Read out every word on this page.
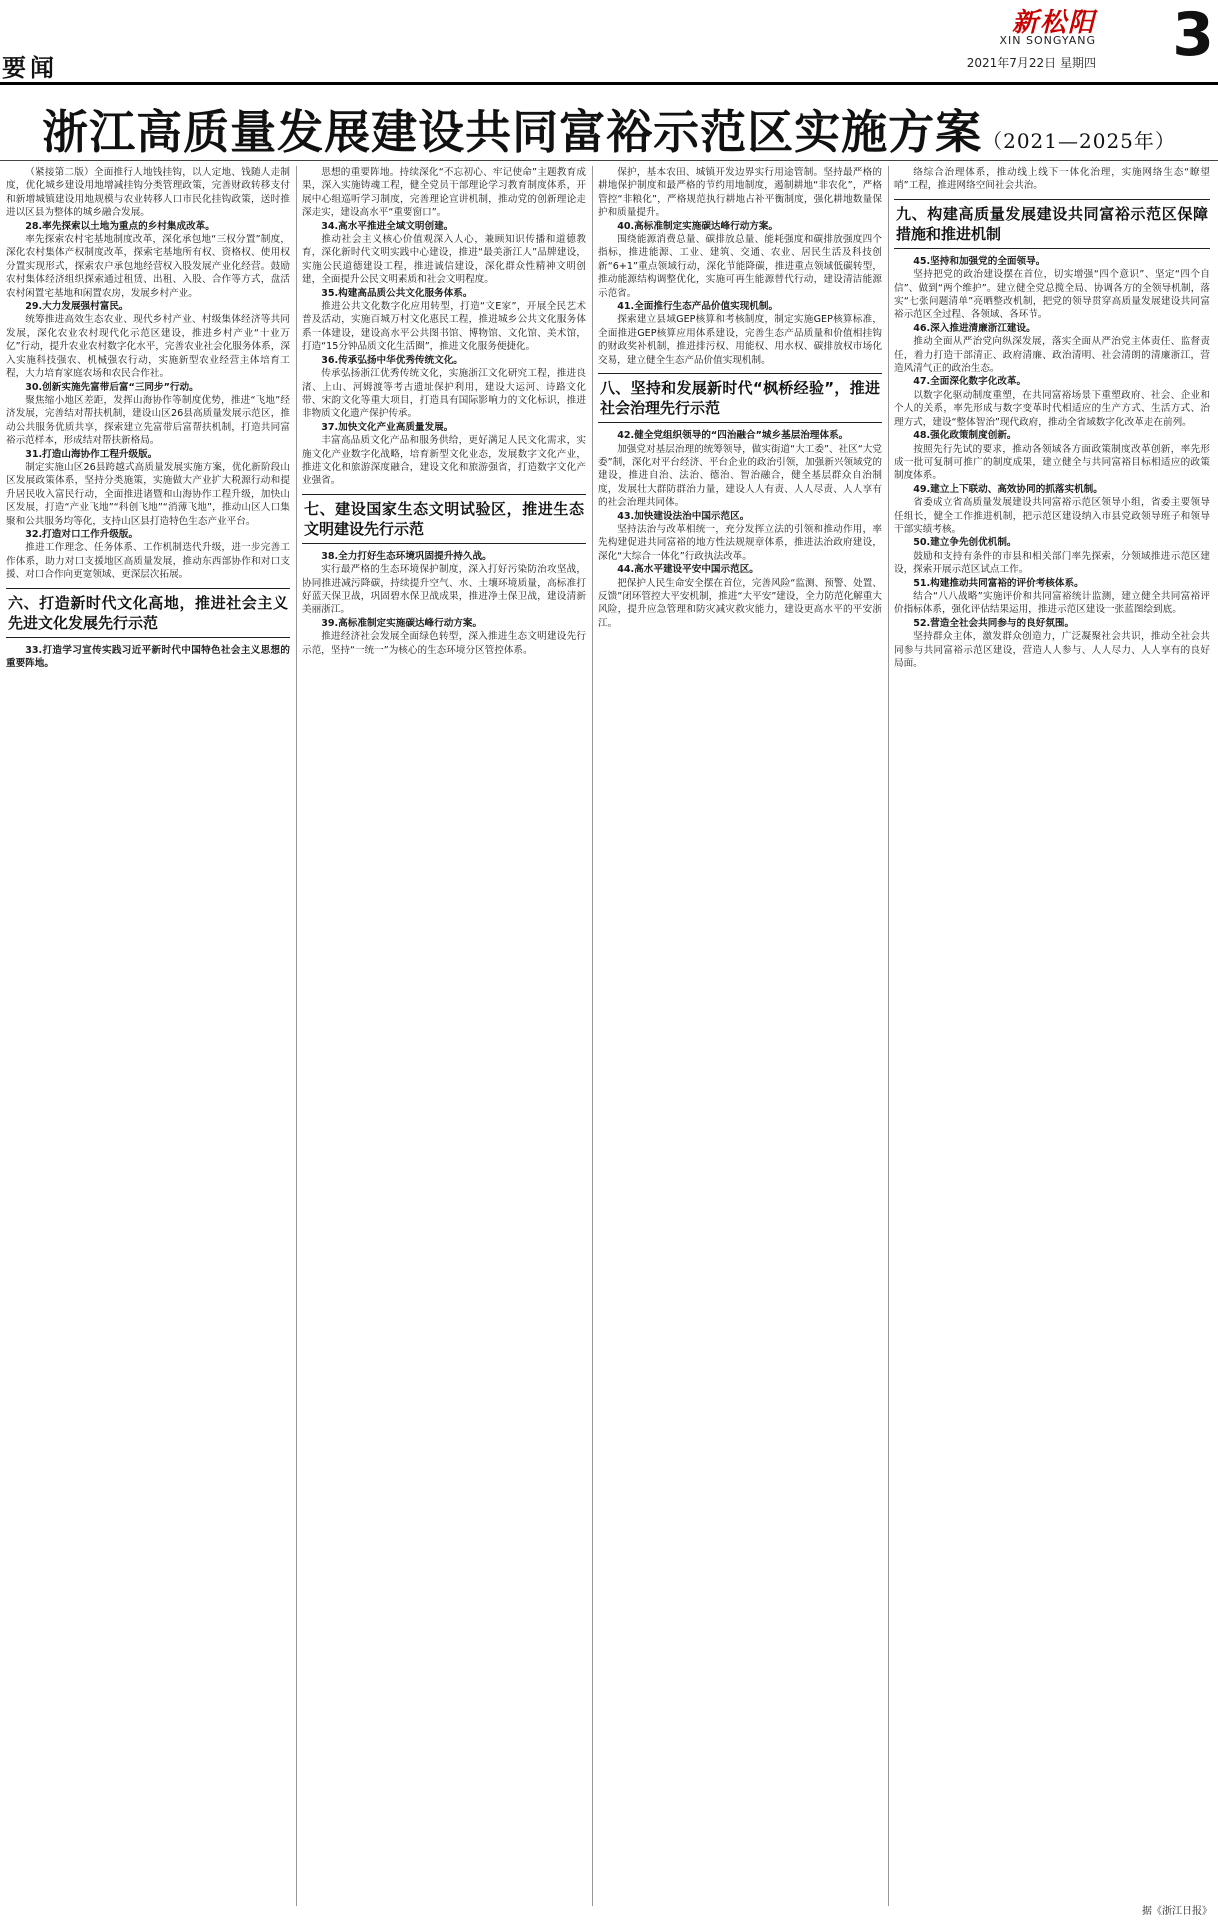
要闻
新松阳
XIN SONGYANG
2021年7月22日 星期四 3
浙江高质量发展建设共同富裕示范区实施方案（2021—2025年）

（紧接第二版）全面推行人地钱挂钩，以人定地、钱随人走制度，优化城乡建设用地增减挂钩分类管理政策，完善财政转移支付和新增城镇建设用地规模与农业转移人口市民化挂钩政策，送时推进以区县为整体的城乡融合发展。

28.率先探索以土地为重点的乡村集成改革。

率先探索农村宅基地制度改革，深化承包地“三权分置”制度，深化农村集体产权制度改革，探索宅基地所有权、资格权、使用权分置实现形式，探索农户承包地经营权入股发展产业化经营。鼓励农村集体经济组织探索通过租赁、出租、入股、合作等方式，盘活农村闲置宅基地和闲置农房，发展乡村产业。

29.大力发展强村富民。

统筹推进高效生态农业、现代乡村产业、村级集体经济等共同发展，深化农业农村现代化示范区建设，推进乡村产业“十业万亿”行动，提升农业农村数字化水平，完善农业社会化服务体系，深入实施科技强农、机械强农行动，实施新型农业经营主体培育工程，大力培育家庭农场和农民合作社。

30.创新实施先富带后富“三同步”行动。

聚焦缩小地区差距，发挥山海协作等制度优势，推进“飞地”经济发展，完善结对帮扶机制，建设山区26县高质量发展示范区，推动公共服务优质共享，探索建立先富带后富帮扶机制，打造共同富裕示范样本，形成结对帮扶新格局。

31.打造山海协作工程升级版。

制定实施山区26县跨越式高质量发展实施方案，优化新阶段山区发展政策体系，坚持分类施策，实施做大产业扩大税源行动和提升居民收入富民行动，全面推进诸暨和山海协作工程升级，加快山区发展，打造“产业飞地”“科创飞地”“消薄飞地”，推动山区人口集聚和公共服务均等化，支持山区县打造特色生态产业平台。

32.打造对口工作升级版。

推进工作理念、任务体系、工作机制迭代升级，进一步完善工作体系，助力对口支援地区高质量发展，推动东西部协作和对口支援、对口合作向更宽领域、更深层次拓展。

六、打造新时代文化高地，推进社会主义先进文化发展先行示范

33.打造学习宣传实践习近平新时代中国特色社会主义思想的重要阵地。

思想的重要阵地。持续深化“不忘初心、牢记使命”主题教育成果，深入实施铸魂工程，健全党员干部理论学习教育制度体系，开展中心组巡听学习制度，完善理论宣讲机制，推动党的创新理论走深走实，建设高水平“重要窗口”。

34.高水平推进全域文明创建。

推动社会主义核心价值观深入人心，兼顾知识传播和道德教育，深化新时代文明实践中心建设，推进“最美浙江人”品牌建设，实施公民道德建设工程，推进诚信建设，深化群众性精神文明创建，全面提升公民文明素质和社会文明程度。

35.构建高品质公共文化服务体系。

推进公共文化数字化应用转型，打造“文E家”，开展全民艺术普及活动，实施百城万村文化惠民工程，推进城乡公共文化服务体系一体建设，建设高水平公共图书馆、博物馆、文化馆、美术馆，打造“15分钟品质文化生活圈”，推进文化服务便捷化。

36.传承弘扬中华优秀传统文化。

传承弘扬浙江优秀传统文化，实施浙江文化研究工程，推进良渚、上山、河姆渡等考古遗址保护利用，建设大运河、诗路文化带、宋韵文化等重大项目，打造具有国际影响力的文化标识，推进非物质文化遗产保护传承。

37.加快文化产业高质量发展。

丰富高品质文化产品和服务供给，更好满足人民文化需求，实施文化产业数字化战略，培育新型文化业态，发展数字文化产业，推进文化和旅游深度融合，建设文化和旅游强省，打造数字文化产业强省。

七、建设国家生态文明试验区，推进生态文明建设先行示范

38.全力打好生态环境巩固提升持久战。

实行最严格的生态环境保护制度，深入打好污染防治攻坚战，协同推进减污降碳，持续提升空气、水、土壤环境质量，高标准打好蓝天保卫战，巩固碧水保卫战成果，推进净土保卫战，建设清新美丽浙江。

39.高标准制定实施碳达峰行动方案。

推进经济社会发展全面绿色转型，深入推进生态文明建设先行示范，坚持“一统一”为核心的生态环境分区管控体系。

保护，基本农田、城镇开发边界实行用途管制。坚持最严格的耕地保护制度和最严格的节约用地制度，遏制耕地“非农化”，严格管控“非粮化”，严格规范执行耕地占补平衡制度，强化耕地数量保护和质量提升。

40.高标准制定实施碳达峰行动方案。

围绕能源消费总量、碳排放总量、能耗强度和碳排放强度四个指标，推进能源、工业、建筑、交通、农业、居民生活及科技创新“6+1”重点领域行动，深化节能降碳，推进重点领域低碳转型，推动能源结构调整优化，实施可再生能源替代行动，建设清洁能源示范省。

41.全面推行生态产品价值实现机制。

探索建立县域GEP核算和考核制度，制定实施GEP核算标准，全面推进GEP核算应用体系建设，完善生态产品质量和价值相挂钩的财政奖补机制，推进排污权、用能权、用水权、碳排放权市场化交易，建立健全生态产品价值实现机制。

八、坚持和发展新时代“枫桥经验”，推进社会治理先行示范

42.健全党组织领导的“四治融合”城乡基层治理体系。

加强党对基层治理的统筹领导，做实街道“大工委”、社区“大党委”制，深化对平台经济、平台企业的政治引领，加强新兴领域党的建设，推进自治、法治、德治、智治融合，健全基层群众自治制度，发展壮大群防群治力量，建设人人有责、人人尽责、人人享有的社会治理共同体。

43.加快建设法治中国示范区。

坚持法治与改革相统一，充分发挥立法的引领和推动作用，率先构建促进共同富裕的地方性法规规章体系，推进法治政府建设，深化“大综合一体化”行政执法改革。

44.高水平建设平安中国示范区。

把保护人民生命安全摆在首位，完善风险“监测、预警、处置、反馈”闭环管控大平安机制，推进“大平安”建设，全力防范化解重大风险，提升应急管理和防灾减灾救灾能力，建设更高水平的平安浙江。

络综合治理体系，推动线上线下一体化治理，实施网络生态“瞭望哨”工程，推进网络空间社会共治。

九、构建高质量发展建设共同富裕示范区保障措施和推进机制

45.坚持和加强党的全面领导。

坚持把党的政治建设摆在首位，切实增强“四个意识”、坚定“四个自信”、做到“两个维护”。建立健全党总揽全局、协调各方的全领导机制，落实“七张问题清单”亮晒整改机制，把党的领导贯穿高质量发展建设共同富裕示范区全过程、各领域、各环节。

46.深入推进清廉浙江建设。

推动全面从严治党向纵深发展，落实全面从严治党主体责任、监督责任，着力打造干部清正、政府清廉、政治清明、社会清朗的清廉浙江，营造风清气正的政治生态。

47.全面深化数字化改革。

以数字化驱动制度重塑，在共同富裕场景下重塑政府、社会、企业和个人的关系，率先形成与数字变革时代相适应的生产方式、生活方式、治理方式，建设“整体智治”现代政府，推动全省域数字化改革走在前列。

48.强化政策制度创新。

按照先行先试的要求，推动各领域各方面政策制度改革创新，率先形成一批可复制可推广的制度成果，建立健全与共同富裕目标相适应的政策制度体系。

49.建立上下联动、高效协同的抓落实机制。

省委成立省高质量发展建设共同富裕示范区领导小组，省委主要领导任组长，健全工作推进机制，把示范区建设纳入市县党政领导班子和领导干部实绩考核。

50.建立争先创优机制。

鼓励和支持有条件的市县和相关部门率先探索，分领域推进示范区建设，探索开展示范区试点工作。

51.构建推动共同富裕的评价考核体系。

结合“八八战略”实施评价和共同富裕统计监测，建立健全共同富裕评价指标体系，强化评估结果运用，推进示范区建设一张蓝图绘到底。

52.营造全社会共同参与的良好氛围。

坚持群众主体，激发群众创造力，广泛凝聚社会共识，推动全社会共同参与共同富裕示范区建设，营造人人参与、人人尽力、人人享有的良好局面。

据《浙江日报》
